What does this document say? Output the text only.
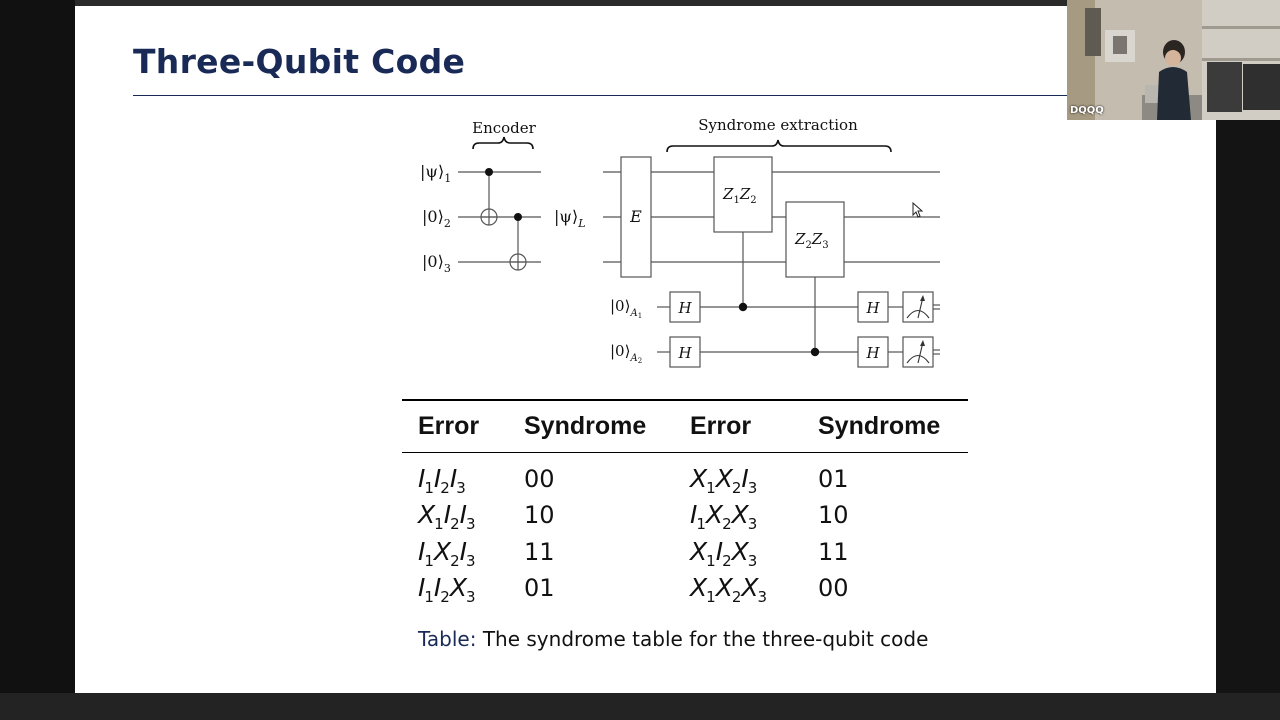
Three-Qubit Code
Encoder	Syndrome extraction
$|\psi⟩_1$
$|0⟩_2$
$|0⟩_3$
$|\psi⟩_L$	E
$Z_1Z_2$
$Z_2Z_3$
$|0⟩_A1$
$|0⟩_A2$
H
H
H
H
Error Syndrome Error	Syndrome
$I_1I_2I_3$ 00	$X_1X_2I_3$	01
$X_1I_2I_3$ 10	$I_1X_2X_3$	10
$I_1X_2I_3$ 11	$X_1I_2X_3$	11
$I_1I_2X_3$ 01	$X_1X_2X_3$ 00
Table: The syndrome table for the three-qubit code
DQQQ
